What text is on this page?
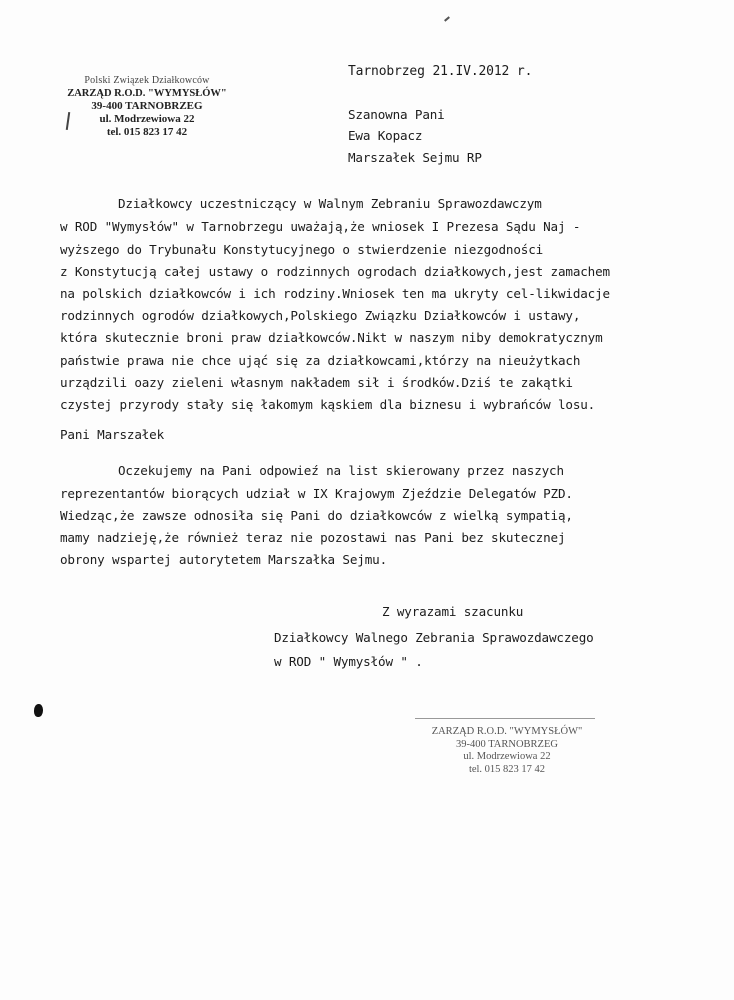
Polski Związek Działkowców
ZARZĄD R.O.D. "WYMYSŁÓW"
39-400 TARNOBRZEG
ul. Modrzewiowa 22
tel. 015 823 17 42
Tarnobrzeg 21.IV.2012 r.
Szanowna Pani
Ewa Kopacz
Marszałek Sejmu RP
Działkowcy uczestniczący w Walnym Zebraniu Sprawozdawczym
w ROD "Wymysłów" w Tarnobrzegu uważają,że wniosek I Prezesa Sądu Naj -
wyższego do Trybunału Konstytucyjnego o stwierdzenie niezgodności
z Konstytucją całej ustawy o rodzinnych ogrodach działkowych,jest zamachem
na polskich działkowców i ich rodziny.Wniosek ten ma ukryty cel-likwidacje
rodzinnych ogrodów działkowych,Polskiego Związku Działkowców i ustawy,
która skutecznie broni praw działkowców.Nikt w naszym niby demokratycznym
państwie prawa nie chce ująć się za działkowcami,którzy na nieużytkach
urządzili oazy zieleni własnym nakładem sił i środków.Dziś te zakątki
czystej przyrody stały się łakomym kąskiem dla biznesu i wybrańców losu.
Pani Marszałek
Oczekujemy na Pani odpowieź na list skierowany przez naszych
reprezentantów biorących udział w IX Krajowym Zjeździe Delegatów PZD.
Wiedząc,że zawsze odnosiła się Pani do działkowców z wielką sympatią,
mamy nadzieję,że również teraz nie pozostawi nas Pani bez skutecznej
obrony wspartej autorytetem Marszałka Sejmu.
Z wyrazami szacunku
Działkowcy Walnego Zebrania Sprawozdawczego
w ROD " Wymysłów " .
ZARZĄD R.O.D. "WYMYSŁÓW"
39-400 TARNOBRZEG
ul. Modrzewiowa 22
tel. 015 823 17 42
